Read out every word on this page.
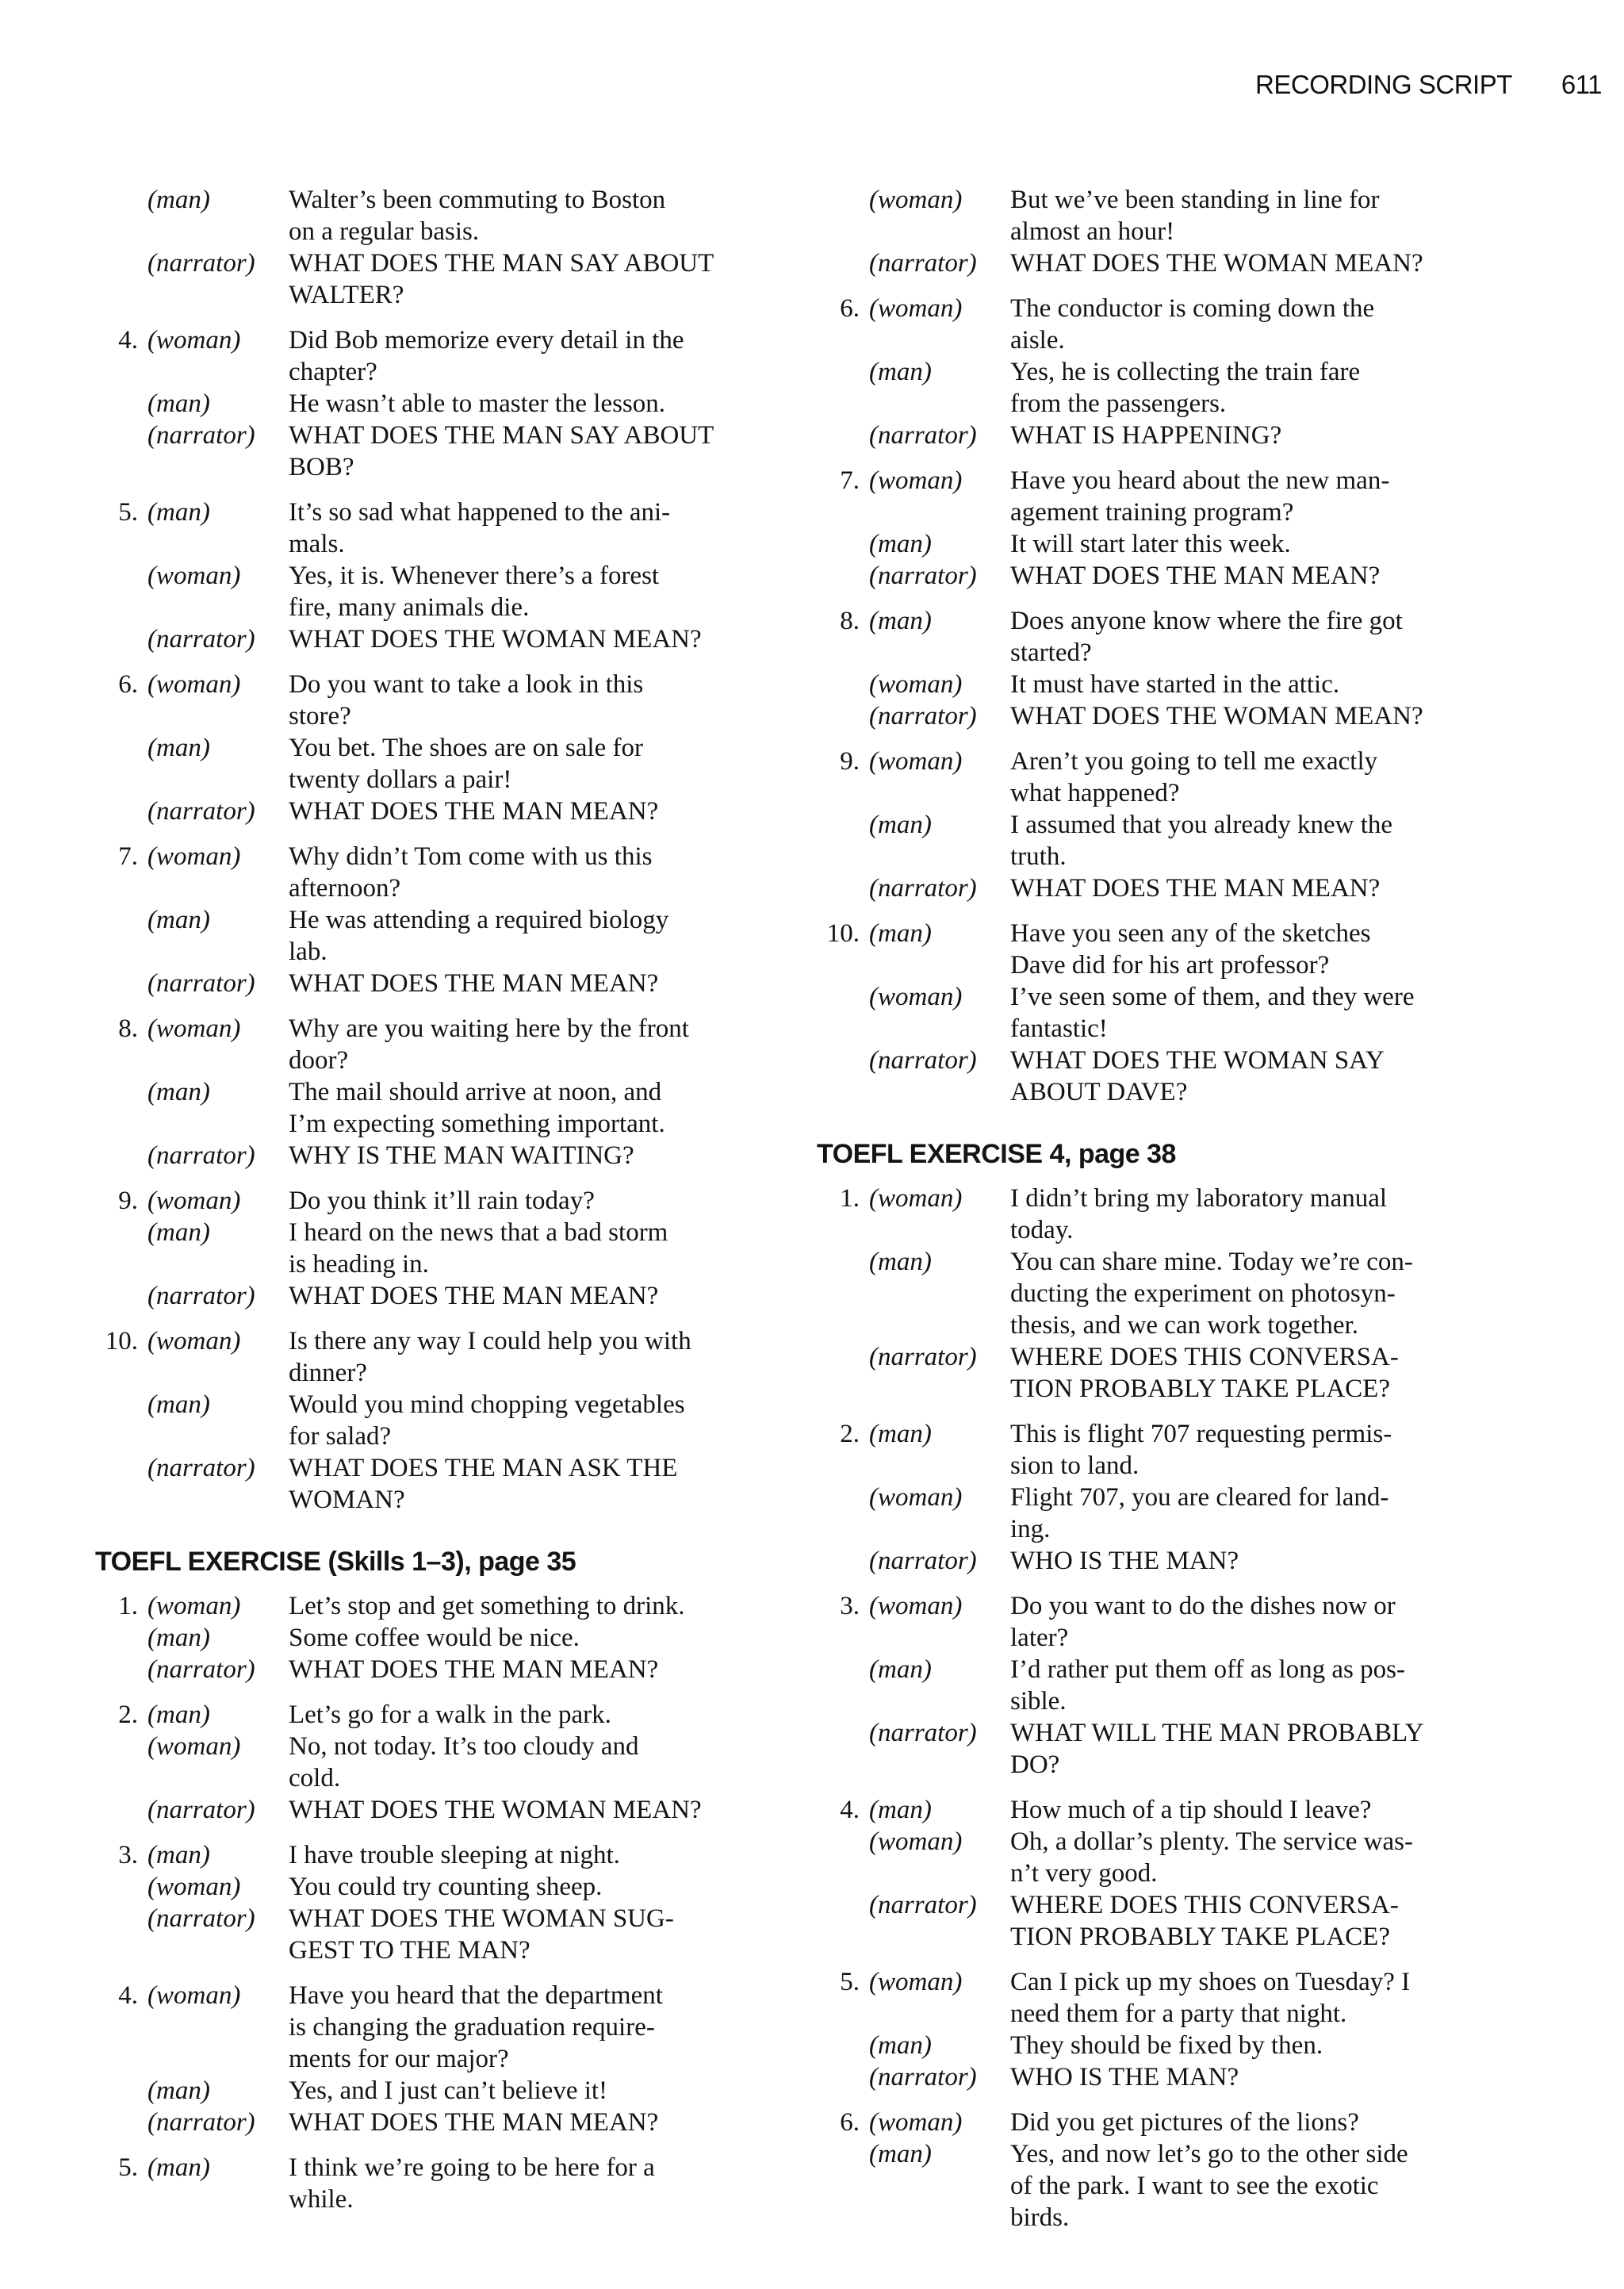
RECORDING SCRIPT 611
(man)	Walter’s been commuting to Boston
on a regular basis.
(narrator)	WHAT DOES THE MAN SAY ABOUT
WALTER?
4. (woman)	Did Bob memorize every detail in the
chapter?
(man)	He wasn’t able to master the lesson.
(narrator)	WHAT DOES THE MAN SAY ABOUT
BOB?
5. (man)	It’s so sad what happened to the ani-
mals.
(woman)	Yes, it is. Whenever there’s a forest
fire, many animals die.
(narrator)	WHAT DOES THE WOMAN MEAN?
6. (woman)	Do you want to take a look in this
store?
(man)	You bet. The shoes are on sale for
twenty dollars a pair!
(narrator)	WHAT DOES THE MAN MEAN?
7. (woman)	Why didn’t Tom come with us this
afternoon?
(man)	He was attending a required biology
lab.
(narrator)	WHAT DOES THE MAN MEAN?
8. (woman)	Why are you waiting here by the front
door?
(man)	The mail should arrive at noon, and
I’m expecting something important.
(narrator)	WHY IS THE MAN WAITING?
9. (woman)	Do you think it’ll rain today?
(man)	I heard on the news that a bad storm
is heading in.
(narrator)	WHAT DOES THE MAN MEAN?
10. (woman)	Is there any way I could help you with
dinner?
(man)	Would you mind chopping vegetables
for salad?
(narrator)	WHAT DOES THE MAN ASK THE
WOMAN?
TOEFL EXERCISE (Skills 1–3), page 35
1. (woman)	Let’s stop and get something to drink.
(man)	Some coffee would be nice.
(narrator)	WHAT DOES THE MAN MEAN?
2. (man)	Let’s go for a walk in the park.
(woman)	No, not today. It’s too cloudy and
cold.
(narrator)	WHAT DOES THE WOMAN MEAN?
3. (man)	I have trouble sleeping at night.
(woman)	You could try counting sheep.
(narrator)	WHAT DOES THE WOMAN SUG-
GEST TO THE MAN?
4. (woman)	Have you heard that the department
is changing the graduation require-
ments for our major?
(man)	Yes, and I just can’t believe it!
(narrator)	WHAT DOES THE MAN MEAN?
5. (man)	I think we’re going to be here for a
while.
(woman)	But we’ve been standing in line for
almost an hour!
(narrator)	WHAT DOES THE WOMAN MEAN?
6. (woman)	The conductor is coming down the
aisle.
(man)	Yes, he is collecting the train fare
from the passengers.
(narrator)	WHAT IS HAPPENING?
7. (woman)	Have you heard about the new man-
agement training program?
(man)	It will start later this week.
(narrator)	WHAT DOES THE MAN MEAN?
8. (man)	Does anyone know where the fire got
started?
(woman)	It must have started in the attic.
(narrator)	WHAT DOES THE WOMAN MEAN?
9. (woman)	Aren’t you going to tell me exactly
what happened?
(man)	I assumed that you already knew the
truth.
(narrator)	WHAT DOES THE MAN MEAN?
10. (man)	Have you seen any of the sketches
Dave did for his art professor?
(woman)	I’ve seen some of them, and they were
fantastic!
(narrator)	WHAT DOES THE WOMAN SAY
ABOUT DAVE?
TOEFL EXERCISE 4, page 38
1. (woman)	I didn’t bring my laboratory manual
today.
(man)	You can share mine. Today we’re con-
ducting the experiment on photosyn-
thesis, and we can work together.
(narrator)	WHERE DOES THIS CONVERSA-
TION PROBABLY TAKE PLACE?
2. (man)	This is flight 707 requesting permis-
sion to land.
(woman)	Flight 707, you are cleared for land-
ing.
(narrator)	WHO IS THE MAN?
3. (woman)	Do you want to do the dishes now or
later?
(man)	I’d rather put them off as long as pos-
sible.
(narrator)	WHAT WILL THE MAN PROBABLY
DO?
4. (man)	How much of a tip should I leave?
(woman)	Oh, a dollar’s plenty. The service was-
n’t very good.
(narrator)	WHERE DOES THIS CONVERSA-
TION PROBABLY TAKE PLACE?
5. (woman)	Can I pick up my shoes on Tuesday? I
need them for a party that night.
(man)	They should be fixed by then.
(narrator)	WHO IS THE MAN?
6. (woman)	Did you get pictures of the lions?
(man)	Yes, and now let’s go to the other side
of the park. I want to see the exotic
birds.
